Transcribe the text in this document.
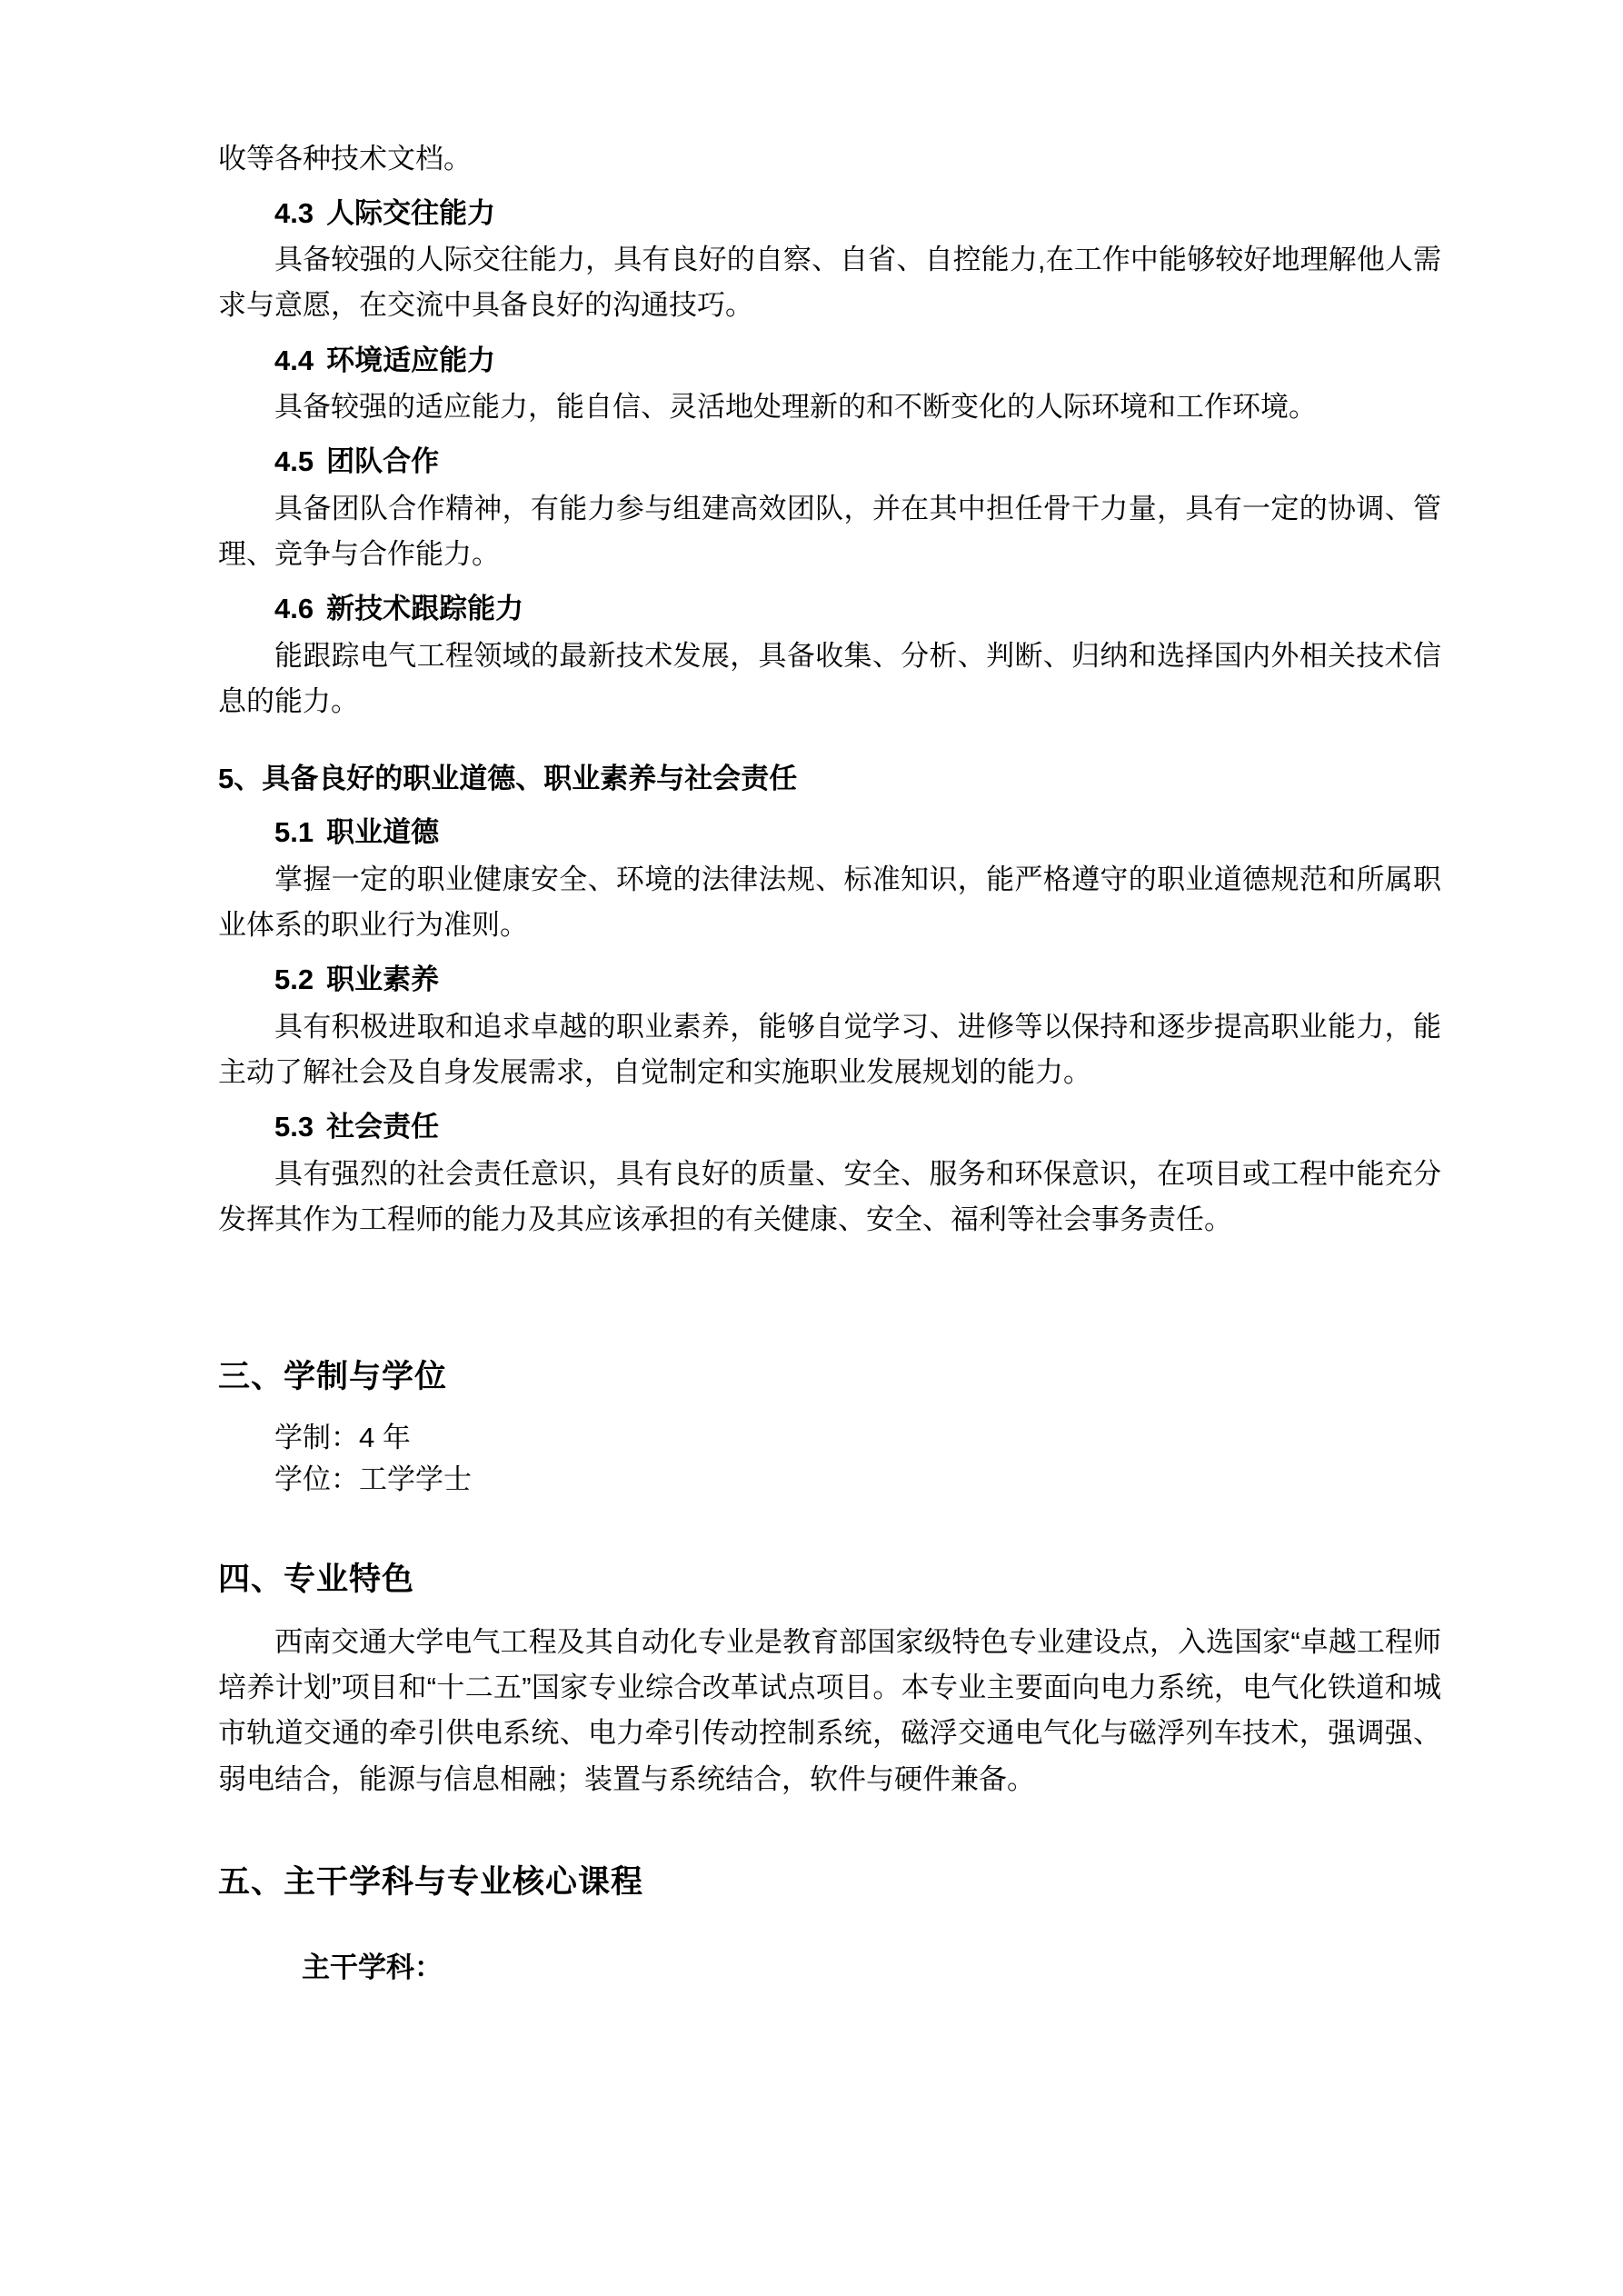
收等各种技术文档。

4.3 人际交往能力

具备较强的人际交往能力，具有良好的自察、自省、自控能力,在工作中能够较好地理解他人需求与意愿，在交流中具备良好的沟通技巧。

4.4 环境适应能力

具备较强的适应能力，能自信、灵活地处理新的和不断变化的人际环境和工作环境。

4.5 团队合作

具备团队合作精神，有能力参与组建高效团队，并在其中担任骨干力量，具有一定的协调、管理、竞争与合作能力。

4.6 新技术跟踪能力

能跟踪电气工程领域的最新技术发展，具备收集、分析、判断、归纳和选择国内外相关技术信息的能力。

5、具备良好的职业道德、职业素养与社会责任
5.1 职业道德

掌握一定的职业健康安全、环境的法律法规、标准知识，能严格遵守的职业道德规范和所属职业体系的职业行为准则。

5.2 职业素养

具有积极进取和追求卓越的职业素养，能够自觉学习、进修等以保持和逐步提高职业能力，能主动了解社会及自身发展需求，自觉制定和实施职业发展规划的能力。

5.3 社会责任

具有强烈的社会责任意识，具有良好的质量、安全、服务和环保意识，在项目或工程中能充分发挥其作为工程师的能力及其应该承担的有关健康、安全、福利等社会事务责任。

三、学制与学位

学制：4 年

学位：工学学士

四、专业特色

西南交通大学电气工程及其自动化专业是教育部国家级特色专业建设点，入选国家“卓越工程师培养计划”项目和“十二五”国家专业综合改革试点项目。本专业主要面向电力系统，电气化铁道和城市轨道交通的牵引供电系统、电力牵引传动控制系统，磁浮交通电气化与磁浮列车技术，强调强、弱电结合，能源与信息相融；装置与系统结合，软件与硬件兼备。

五、主干学科与专业核心课程
主干学科：
